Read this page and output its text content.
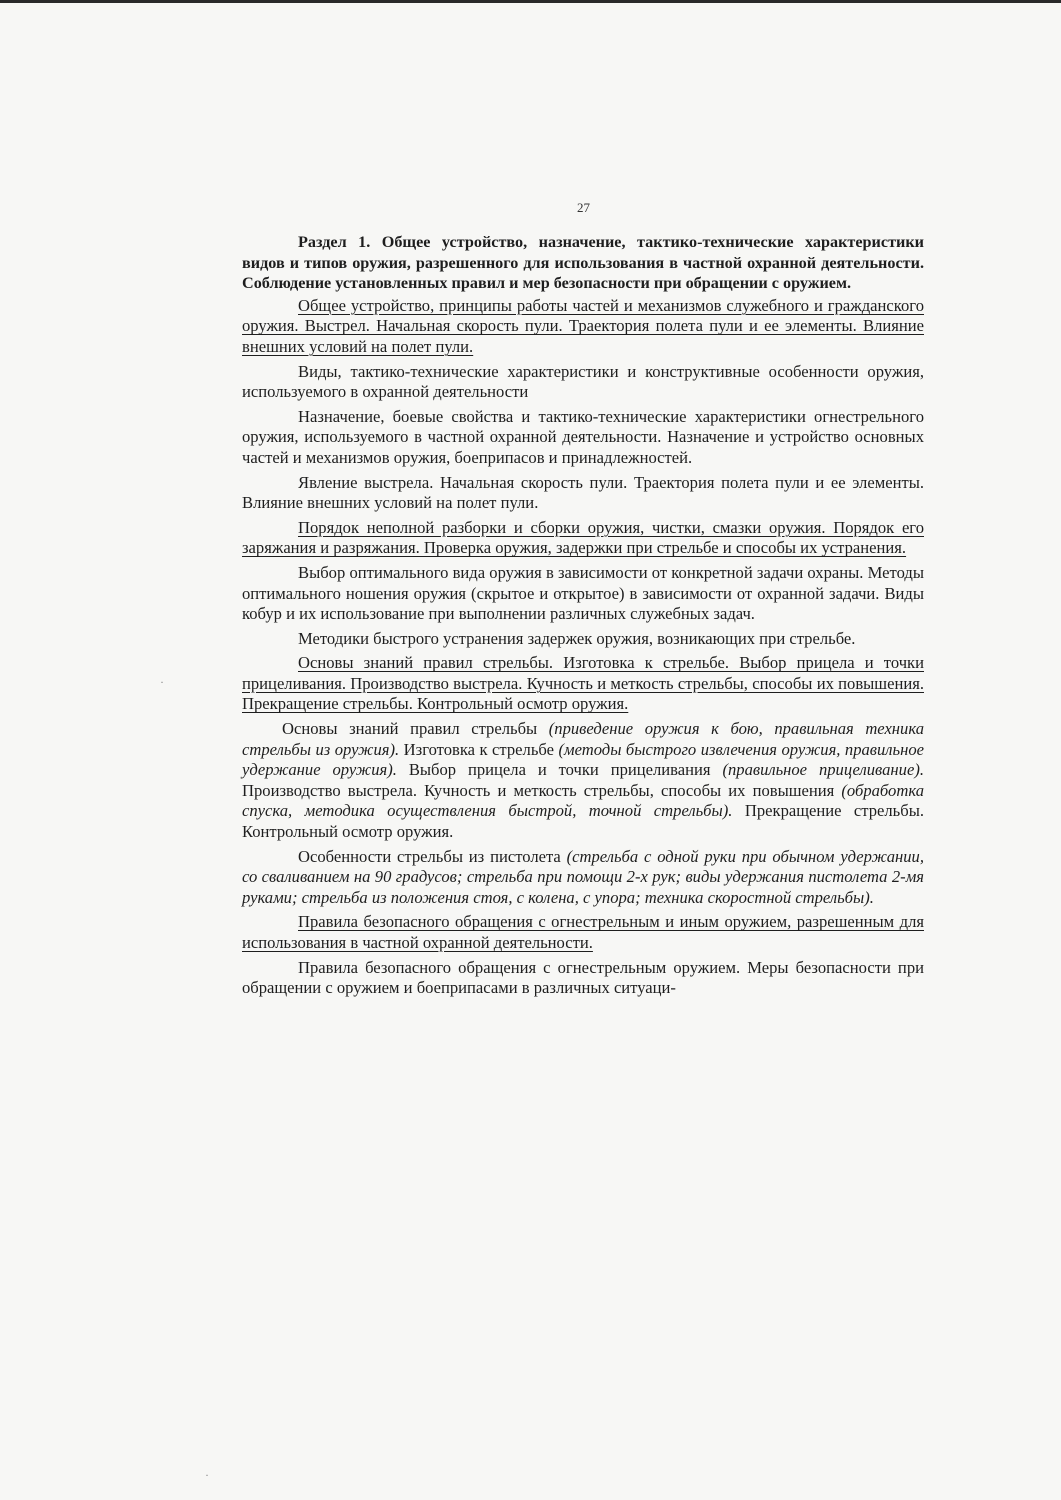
27

Раздел 1. Общее устройство, назначение, тактико-технические характеристики видов и типов оружия, разрешенного для использования в частной охранной деятельности. Соблюдение установленных правил и мер безопасности при обращении с оружием.

Общее устройство, принципы работы частей и механизмов служебного и гражданского оружия. Выстрел. Начальная скорость пули. Траектория полета пули и ее элементы. Влияние внешних условий на полет пули.

Виды, тактико-технические характеристики и конструктивные особенности оружия, используемого в охранной деятельности

Назначение, боевые свойства и тактико-технические характеристики огнестрельного оружия, используемого в частной охранной деятельности. Назначение и устройство основных частей и механизмов оружия, боеприпасов и принадлежностей.

Явление выстрела. Начальная скорость пули. Траектория полета пули и ее элементы. Влияние внешних условий на полет пули.

Порядок неполной разборки и сборки оружия, чистки, смазки оружия. Порядок его заряжания и разряжания. Проверка оружия, задержки при стрельбе и способы их устранения.

Выбор оптимального вида оружия в зависимости от конкретной задачи охраны. Методы оптимального ношения оружия (скрытое и открытое) в зависимости от охранной задачи. Виды кобур и их использование при выполнении различных служебных задач.

Методики быстрого устранения задержек оружия, возникающих при стрельбе.

Основы знаний правил стрельбы. Изготовка к стрельбе. Выбор прицела и точки прицеливания. Производство выстрела. Кучность и меткость стрельбы, способы их повышения. Прекращение стрельбы. Контрольный осмотр оружия.

Основы знаний правил стрельбы (приведение оружия к бою, правильная техника стрельбы из оружия). Изготовка к стрельбе (методы быстрого извлечения оружия, правильное удержание оружия). Выбор прицела и точки прицеливания (правильное прицеливание). Производство выстрела. Кучность и меткость стрельбы, способы их повышения (обработка спуска, методика осуществления быстрой, точной стрельбы). Прекращение стрельбы. Контрольный осмотр оружия.

Особенности стрельбы из пистолета (стрельба с одной руки при обычном удержании, со сваливанием на 90 градусов; стрельба при помощи 2-х рук; виды удержания пистолета 2-мя руками; стрельба из положения стоя, с колена, с упора; техника скоростной стрельбы).

Правила безопасного обращения с огнестрельным и иным оружием, разрешенным для использования в частной охранной деятельности.

Правила безопасного обращения с огнестрельным оружием. Меры безопасности при обращении с оружием и боеприпасами в различных ситуаци-

·
·
